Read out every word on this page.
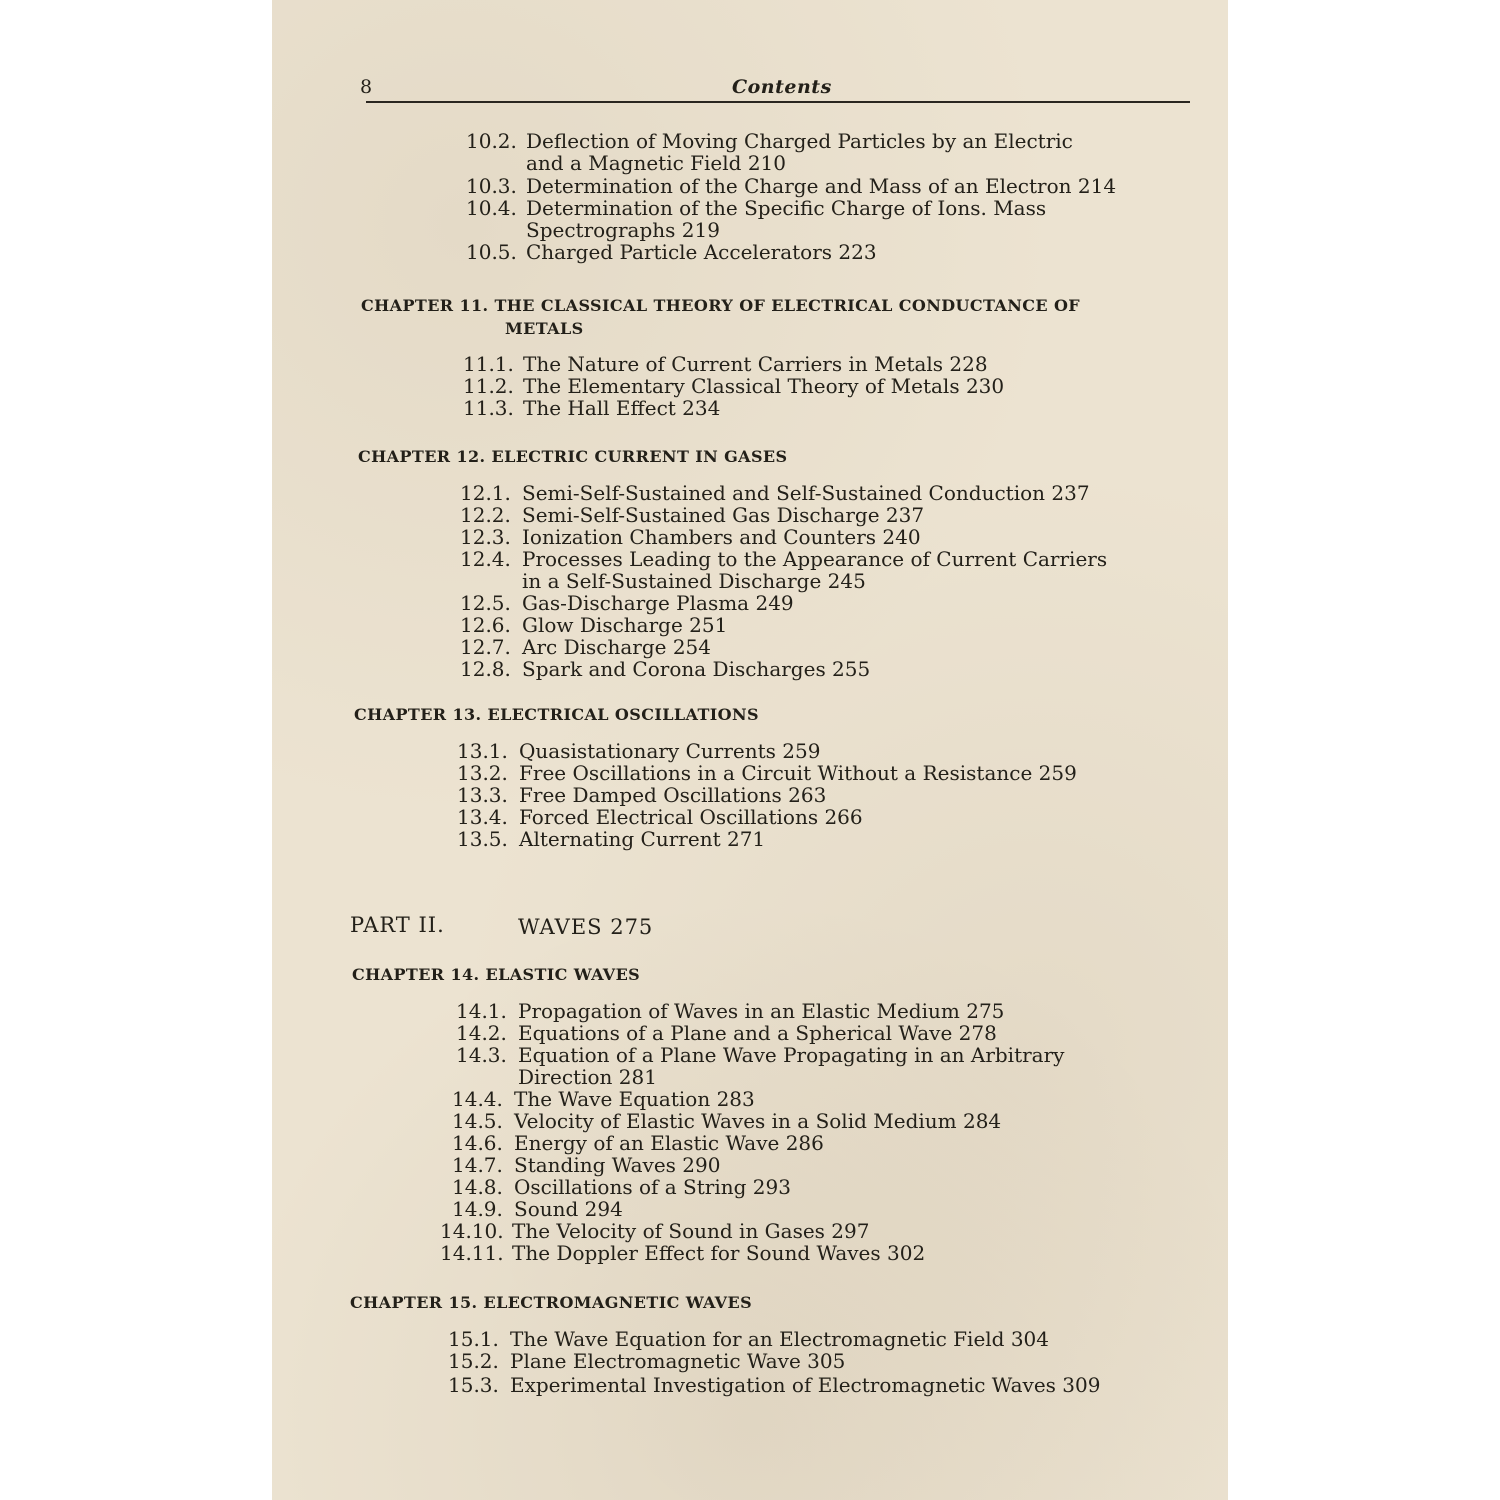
8	Contents
10.2. Deflection of Moving Charged Particles by an Electric
and a Magnetic Field 210
10.3. Determination of the Charge and Mass of an Electron 214
10.4. Determination of the Specific Charge of Ions. Mass
Spectrographs 219
10.5. Charged Particle Accelerators 223
CHAPTER 11. THE CLASSICAL THEORY OF ELECTRICAL CONDUCTANCE OF
METALS
11.1. The Nature of Current Carriers in Metals 228
11.2. The Elementary Classical Theory of Metals 230
11.3. The Hall Effect 234
CHAPTER 12. ELECTRIC CURRENT IN GASES
12.1. Semi-Self-Sustained and Self-Sustained Conduction 237
12.2. Semi-Self-Sustained Gas Discharge 237
12.3. Ionization Chambers and Counters 240
12.4. Processes Leading to the Appearance of Current Carriers
in a Self-Sustained Discharge 245
12.5. Gas-Discharge Plasma 249
12.6. Glow Discharge 251
12.7. Arc Discharge 254
12.8. Spark and Corona Discharges 255
CHAPTER 13. ELECTRICAL OSCILLATIONS
13.1. Quasistationary Currents 259
13.2. Free Oscillations in a Circuit Without a Resistance 259
13.3. Free Damped Oscillations 263
13.4. Forced Electrical Oscillations 266
13.5. Alternating Current 271
PART II.	WAVES 275
CHAPTER 14. ELASTIC WAVES
14.1. Propagation of Waves in an Elastic Medium 275
14.2. Equations of a Plane and a Spherical Wave 278
14.3. Equation of a Plane Wave Propagating in an Arbitrary
Direction 281
14.4. The Wave Equation 283
14.5. Velocity of Elastic Waves in a Solid Medium 284
14.6. Energy of an Elastic Wave 286
14.7. Standing Waves 290
14.8. Oscillations of a String 293
14.9. Sound 294
14.10. The Velocity of Sound in Gases 297
14.11. The Doppler Effect for Sound Waves 302
CHAPTER 15. ELECTROMAGNETIC WAVES
15.1. The Wave Equation for an Electromagnetic Field 304
15.2. Plane Electromagnetic Wave 305
15.3. Experimental Investigation of Electromagnetic Waves 309
